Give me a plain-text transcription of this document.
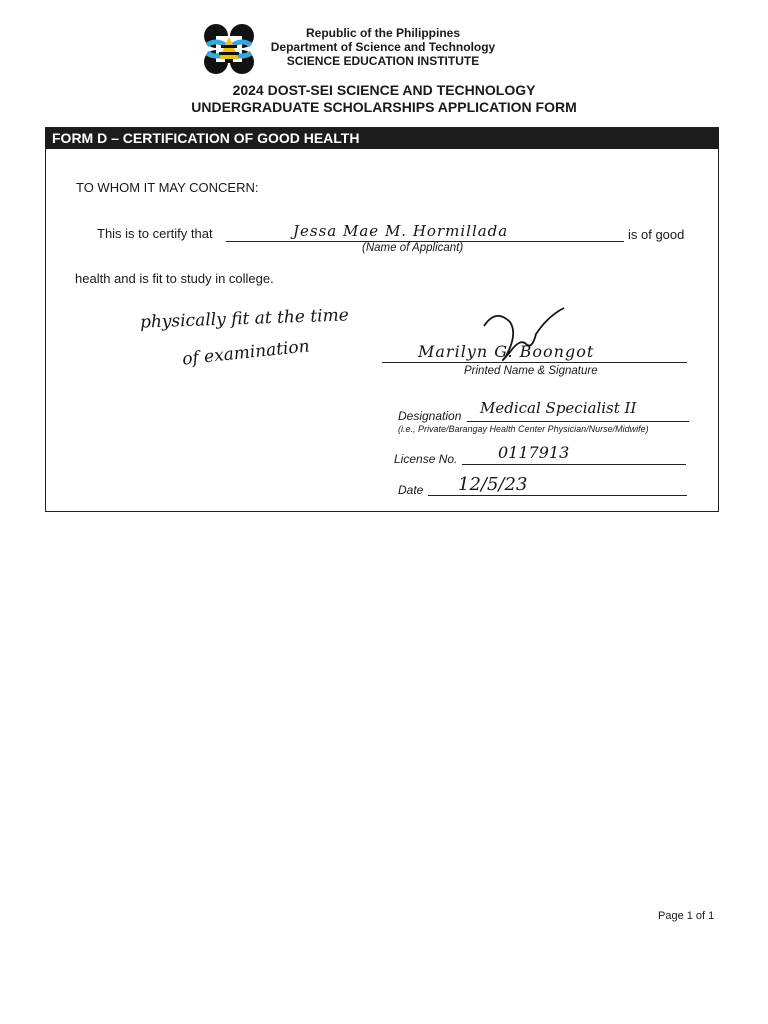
Republic of the Philippines
Department of Science and Technology
SCIENCE EDUCATION INSTITUTE
2024 DOST-SEI SCIENCE AND TECHNOLOGY
UNDERGRADUATE SCHOLARSHIPS APPLICATION FORM
FORM D – CERTIFICATION OF GOOD HEALTH
TO WHOM IT MAY CONCERN:
This is to certify that	Jessa Mae M. Hormillada	is of good
(Name of Applicant)
health and is fit to study in college.
physically fit at the time
of examination	Marilyn G. Boongot
Printed Name & Signature
Designation Medical Specialist II
(i.e., Private/Barangay Health Center Physician/Nurse/Midwife)
License No.	0117913
Date 12/5/23
Page 1 of 1
